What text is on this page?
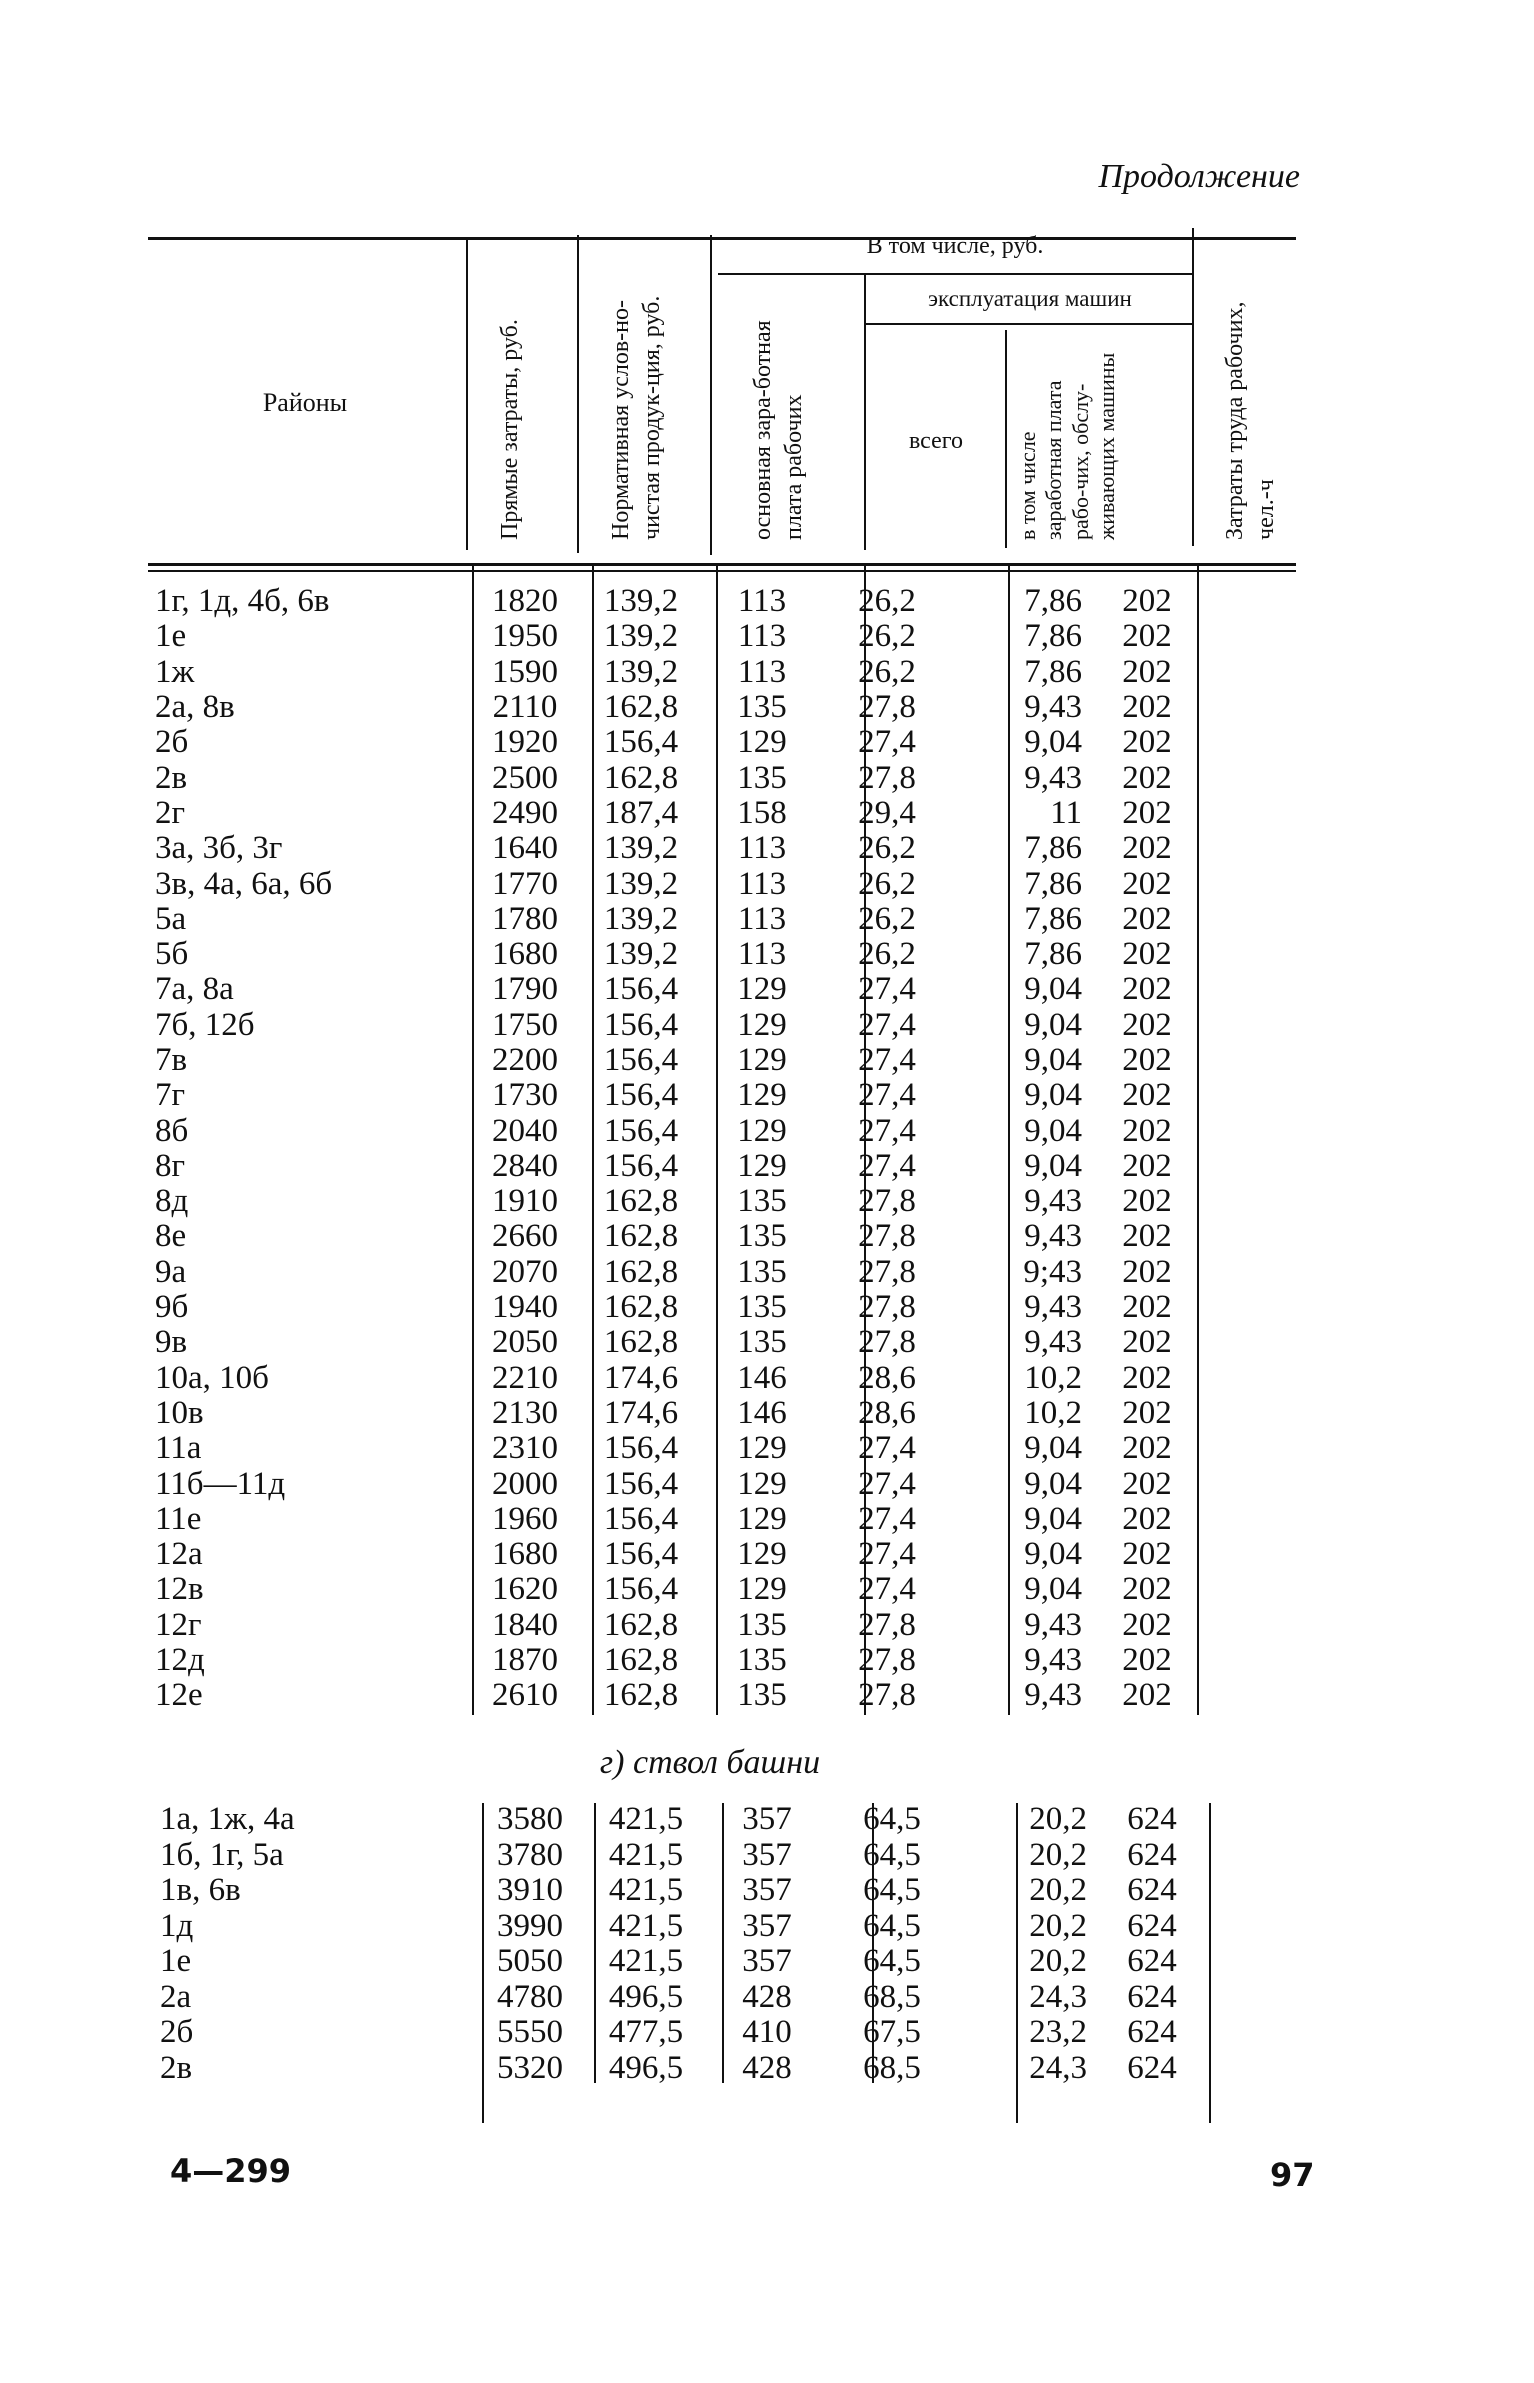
Продолжение
Районы	Прямые затраты, руб.	Нормативная услов-но-чистая продук-ция, руб.
В том числе, руб.
основная зара-ботная плата рабочих
эксплуатация машин
всего	в том числе заработная плата рабо-чих, обслу-живающих машины	Затраты труда рабочих, чел.-ч
1г, 1д, 4б, 6в	1820	139,2	113	26,2	7,86	202
1е	1950	139,2	113	26,2	7,86	202
1ж	1590	139,2	113	26,2	7,86	202
2а, 8в	2110	162,8	135	27,8	9,43	202
2б	1920	156,4	129	27,4	9,04	202
2в	2500	162,8	135	27,8	9,43	202
2г	2490	187,4	158	29,4	11	202
3а, 3б, 3г	1640	139,2	113	26,2	7,86	202
3в, 4а, 6а, 6б	1770	139,2	113	26,2	7,86	202
5а	1780	139,2	113	26,2	7,86	202
5б	1680	139,2	113	26,2	7,86	202
7а, 8а	1790	156,4	129	27,4	9,04	202
7б, 12б	1750	156,4	129	27,4	9,04	202
7в	2200	156,4	129	27,4	9,04	202
7г	1730	156,4	129	27,4	9,04	202
8б	2040	156,4	129	27,4	9,04	202
8г	2840	156,4	129	27,4	9,04	202
8д	1910	162,8	135	27,8	9,43	202
8е	2660	162,8	135	27,8	9,43	202
9а	2070	162,8	135	27,8	9;43	202
9б	1940	162,8	135	27,8	9,43	202
9в	2050	162,8	135	27,8	9,43	202
10а, 10б	2210	174,6	146	28,6	10,2	202
10в	2130	174,6	146	28,6	10,2	202
11а	2310	156,4	129	27,4	9,04	202
11б—11д	2000	156,4	129	27,4	9,04	202
11е	1960	156,4	129	27,4	9,04	202
12а	1680	156,4	129	27,4	9,04	202
12в	1620	156,4	129	27,4	9,04	202
12г	1840	162,8	135	27,8	9,43	202
12д	1870	162,8	135	27,8	9,43	202
12е	2610	162,8	135	27,8	9,43	202
г) ствол башни
1а, 1ж, 4а	3580	421,5	357	64,5	20,2	624
1б, 1г, 5а	3780	421,5	357	64,5	20,2	624
1в, 6в	3910	421,5	357	64,5	20,2	624
1д	3990	421,5	357	64,5	20,2	624
1е	5050	421,5	357	64,5	20,2	624
2а	4780	496,5	428	68,5	24,3	624
2б	5550	477,5	410	67,5	23,2	624
2в	5320	496,5	428	68,5	24,3	624
4—299	97
